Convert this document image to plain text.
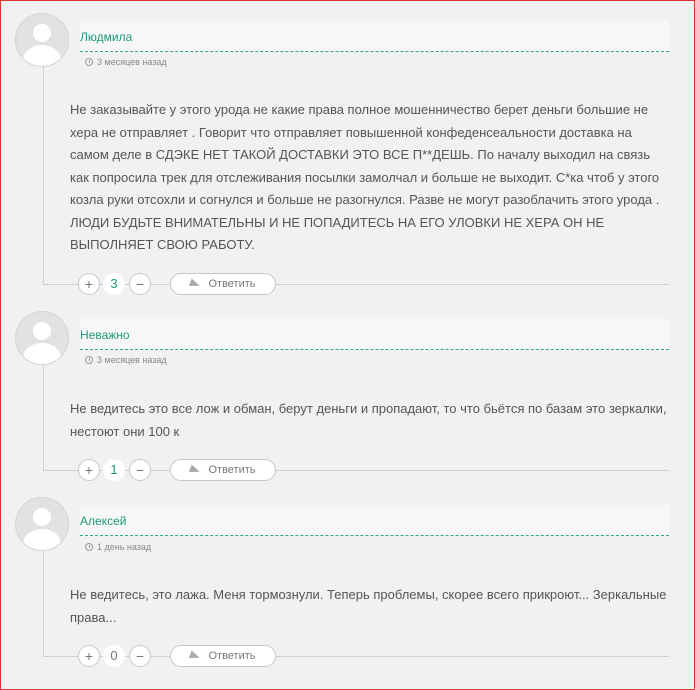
Людмила
3 месяцев назад
Не заказывайте у этого урода не какие права полное мошенничество берет деньги большие не хера не отправляет . Говорит что отправляет повышенной конфеденсеальности доставка на самом деле в СДЭКЕ НЕТ ТАКОЙ ДОСТАВКИ ЭТО ВСЕ П**ДЕШЬ. По началу выходил на связь как попросила трек для отслеживания посылки замолчал и больше не выходит. С*ка чтоб у этого козла руки отсохли и согнулся и больше не разогнулся. Разве не могут разоблачить этого урода . ЛЮДИ БУДЬТЕ ВНИМАТЕЛЬНЫ И НЕ ПОПАДИТЕСЬ НА ЕГО УЛОВКИ НЕ ХЕРА ОН НЕ ВЫПОЛНЯЕТ СВОЮ РАБОТУ.
+	3	−	Ответить
Неважно
3 месяцев назад
Не ведитесь это все лож и обман, берут деньги и пропадают, то что бьётся по базам это зеркалки, нестоют они 100 к
+	1	−	Ответить
Алексей
1 день назад
Не ведитесь, это лажа. Меня тормознули. Теперь проблемы, скорее всего прикроют... Зеркальные права...
+	0	−	Ответить
